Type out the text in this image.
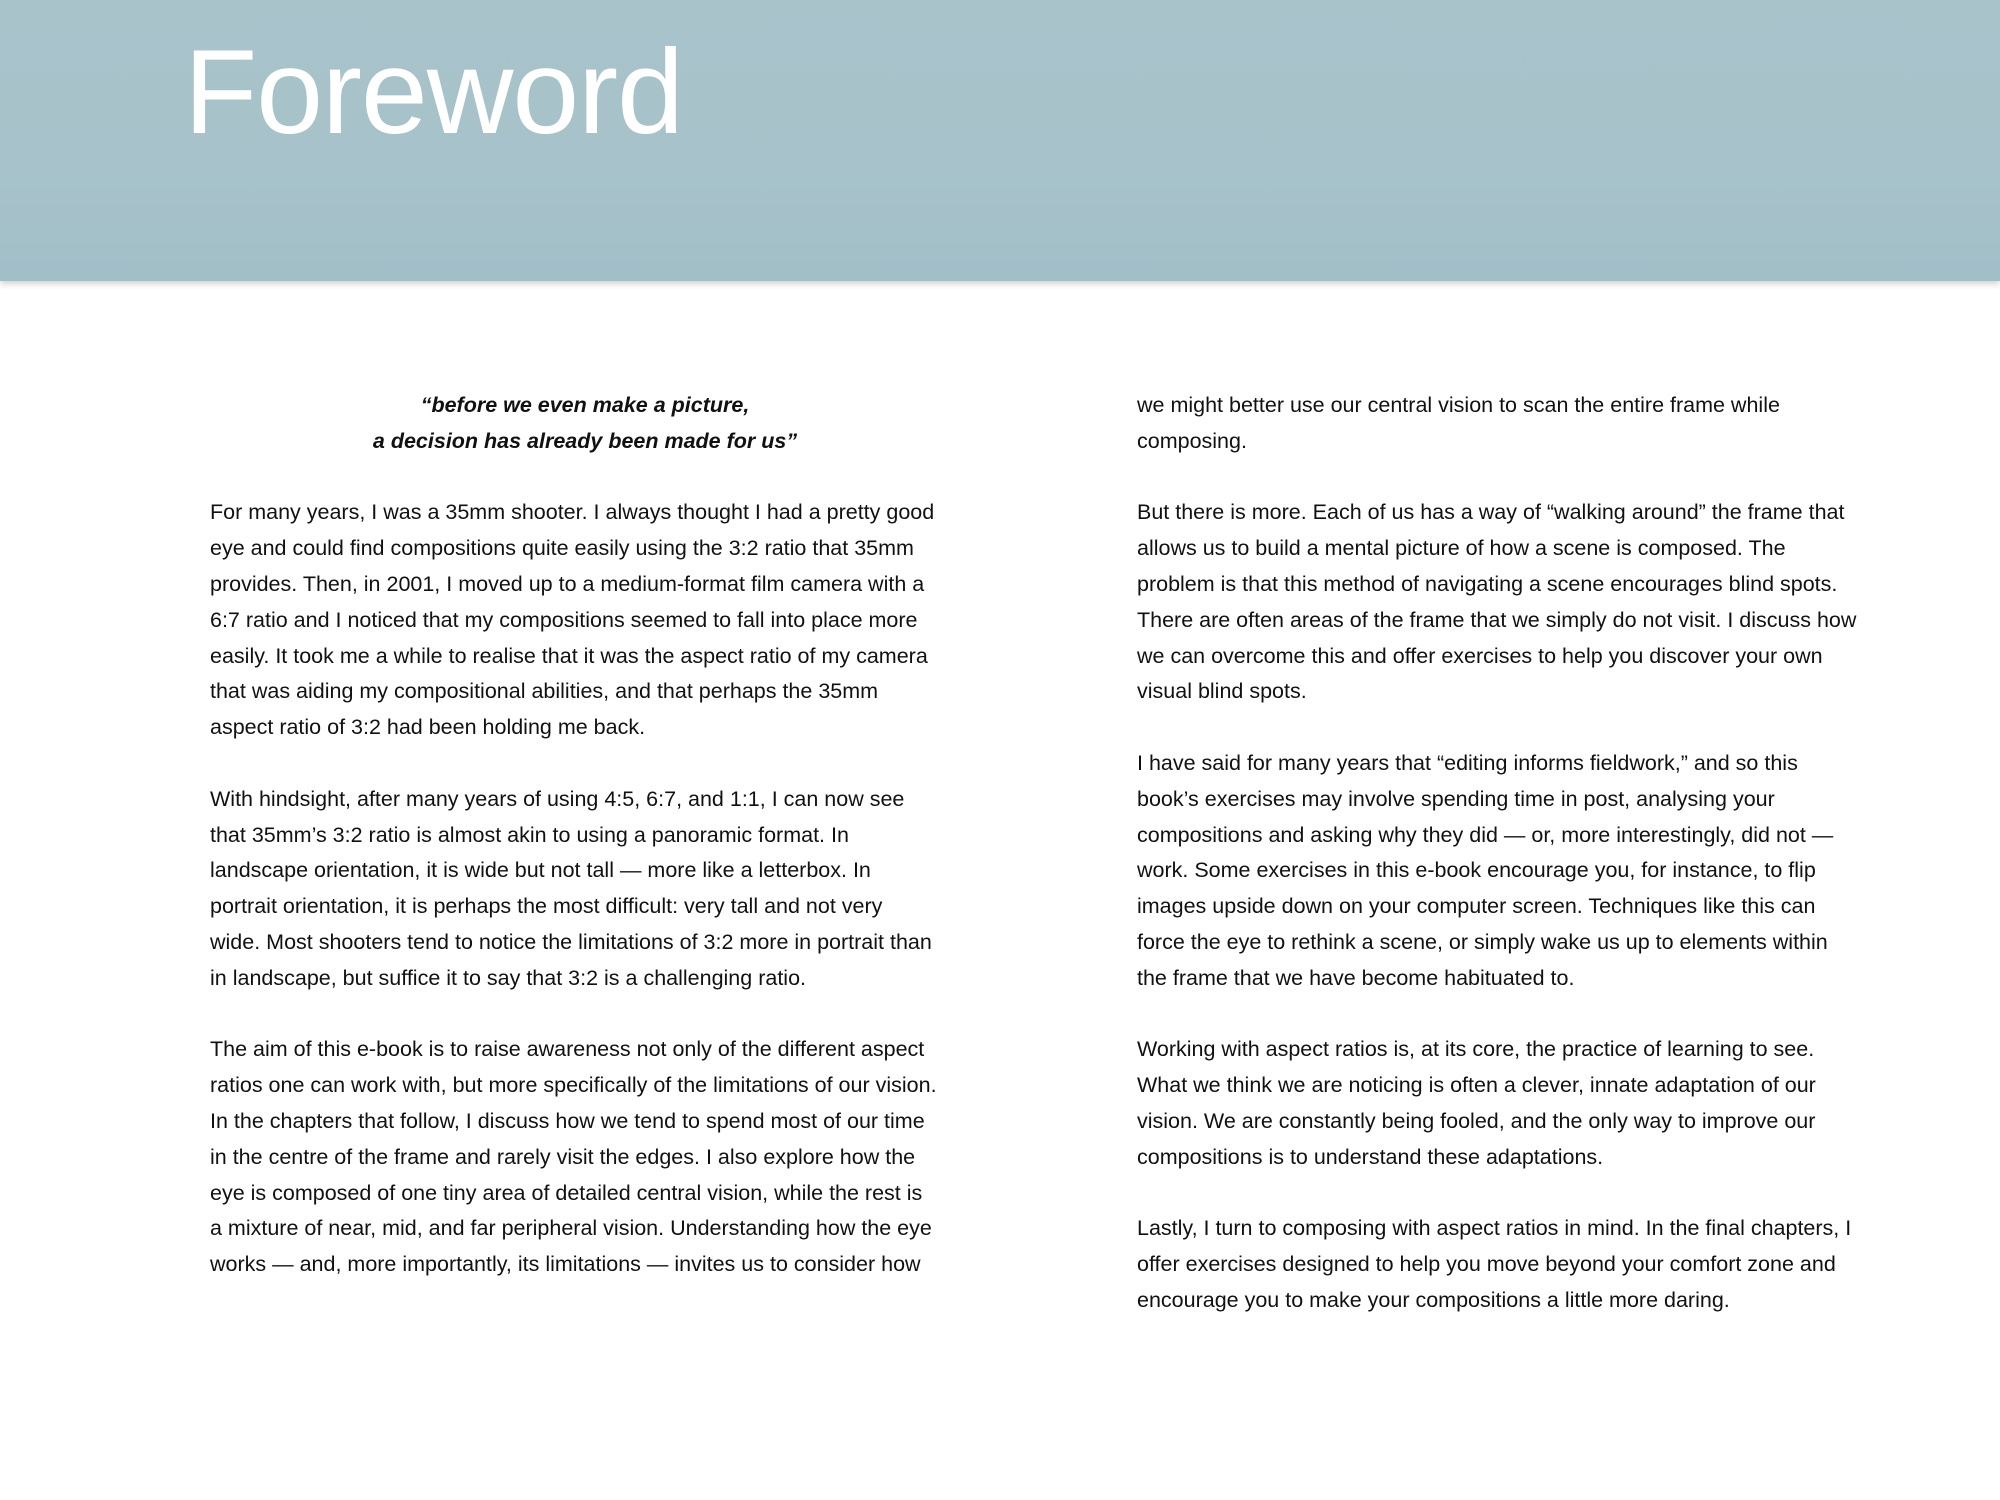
Foreword
“before we even make a picture,
a decision has already been made for us”
For many years, I was a 35mm shooter. I always thought I had a pretty good
eye and could find compositions quite easily using the 3:2 ratio that 35mm
provides. Then, in 2001, I moved up to a medium-format film camera with a
6:7 ratio and I noticed that my compositions seemed to fall into place more
easily. It took me a while to realise that it was the aspect ratio of my camera
that was aiding my compositional abilities, and that perhaps the 35mm
aspect ratio of 3:2 had been holding me back.
With hindsight, after many years of using 4:5, 6:7, and 1:1, I can now see
that 35mm’s 3:2 ratio is almost akin to using a panoramic format. In
landscape orientation, it is wide but not tall — more like a letterbox. In
portrait orientation, it is perhaps the most difficult: very tall and not very
wide. Most shooters tend to notice the limitations of 3:2 more in portrait than
in landscape, but suffice it to say that 3:2 is a challenging ratio.
The aim of this e-book is to raise awareness not only of the different aspect
ratios one can work with, but more specifically of the limitations of our vision.
In the chapters that follow, I discuss how we tend to spend most of our time
in the centre of the frame and rarely visit the edges. I also explore how the
eye is composed of one tiny area of detailed central vision, while the rest is
a mixture of near, mid, and far peripheral vision. Understanding how the eye
works — and, more importantly, its limitations — invites us to consider how
we might better use our central vision to scan the entire frame while
composing.
But there is more. Each of us has a way of “walking around” the frame that
allows us to build a mental picture of how a scene is composed. The
problem is that this method of navigating a scene encourages blind spots.
There are often areas of the frame that we simply do not visit. I discuss how
we can overcome this and offer exercises to help you discover your own
visual blind spots.
I have said for many years that “editing informs fieldwork,” and so this
book’s exercises may involve spending time in post, analysing your
compositions and asking why they did — or, more interestingly, did not —
work. Some exercises in this e-book encourage you, for instance, to flip
images upside down on your computer screen. Techniques like this can
force the eye to rethink a scene, or simply wake us up to elements within
the frame that we have become habituated to.
Working with aspect ratios is, at its core, the practice of learning to see.
What we think we are noticing is often a clever, innate adaptation of our
vision. We are constantly being fooled, and the only way to improve our
compositions is to understand these adaptations.
Lastly, I turn to composing with aspect ratios in mind. In the final chapters, I
offer exercises designed to help you move beyond your comfort zone and
encourage you to make your compositions a little more daring.
